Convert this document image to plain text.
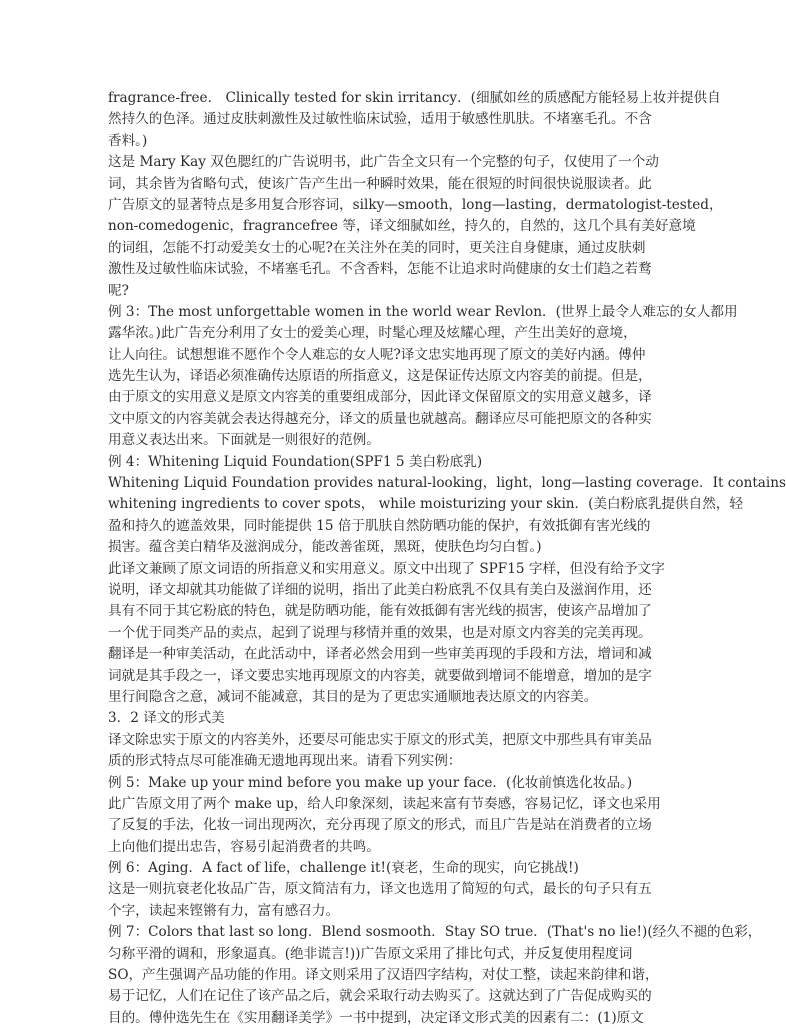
fragrance-free． Clinically tested for skin irritancy．(细腻如丝的质感配方能轻易上妆并提供自
然持久的色泽。通过皮肤刺激性及过敏性临床试验，适用于敏感性肌肤。不堵塞毛孔。不含
香料。)
这是 Mary Kay 双色腮红的广告说明书，此广告全文只有一个完整的句子，仅使用了一个动
词，其余皆为省略句式，使该广告产生出一种瞬时效果，能在很短的时间很快说服读者。此
广告原文的显著特点是多用复合形容词，silky—smooth，long—lasting，dermatologist-tested，
non-comedogenic，fragrancefree 等，译文细腻如丝，持久的，自然的，这几个具有美好意境
的词组，怎能不打动爱美女士的心呢?在关注外在美的同时，更关注自身健康，通过皮肤刺
激性及过敏性临床试验，不堵塞毛孔。不含香料，怎能不让追求时尚健康的女士们趋之若鹜
呢?
例 3：The most unforgettable women in the world wear Revlon．(世界上最令人难忘的女人都用
露华浓。)此广告充分利用了女士的爱美心理，时髦心理及炫耀心理，产生出美好的意境，
让人向往。试想想谁不愿作个令人难忘的女人呢?译文忠实地再现了原文的美好内涵。傅仲
选先生认为，译语必须准确传达原语的所指意义，这是保证传达原文内容美的前提。但是，
由于原文的实用意义是原文内容美的重要组成部分，因此译文保留原文的实用意义越多，译
文中原文的内容美就会表达得越充分，译文的质量也就越高。翻译应尽可能把原文的各种实
用意义表达出来。下面就是一则很好的范例。
例 4：Whitening Liquid Foundation(SPF1 5 美白粉底乳)
Whitening Liquid Foundation provides natural-looking，light，long—lasting coverage．It contains
whitening ingredients to cover spots， while moisturizing your skin．(美白粉底乳提供自然，轻
盈和持久的遮盖效果，同时能提供 15 倍于肌肤自然防晒功能的保护，有效抵御有害光线的
损害。蕴含美白精华及滋润成分，能改善雀斑，黑斑，使肤色均匀白皙。)
此译文兼顾了原文词语的所指意义和实用意义。原文中出现了 SPF15 字样，但没有给予文字
说明，译文却就其功能做了详细的说明，指出了此美白粉底乳不仅具有美白及滋润作用，还
具有不同于其它粉底的特色，就是防晒功能，能有效抵御有害光线的损害，使该产品增加了
一个优于同类产品的卖点，起到了说理与移情并重的效果，也是对原文内容美的完美再现。
翻译是一种审美活动，在此活动中，译者必然会用到一些审美再现的手段和方法，增词和减
词就是其手段之一，译文要忠实地再现原文的内容美，就要做到增词不能增意，增加的是字
里行间隐含之意，减词不能减意，其目的是为了更忠实通顺地表达原文的内容美。
3．2 译文的形式美
译文除忠实于原文的内容美外，还要尽可能忠实于原文的形式美，把原文中那些具有审美品
质的形式特点尽可能准确无遗地再现出来。请看下列实例：
例 5：Make up your mind before you make up your face．(化妆前慎选化妆品。)
此广告原文用了两个 make up，给人印象深刻，读起来富有节奏感，容易记忆，译文也采用
了反复的手法，化妆一词出现两次，充分再现了原文的形式，而且广告是站在消费者的立场
上向他们提出忠告，容易引起消费者的共鸣。
例 6：Aging．A fact of life，challenge it!(衰老，生命的现实，向它挑战!)
这是一则抗衰老化妆品广告，原文简洁有力，译文也选用了简短的句式，最长的句子只有五
个字，读起来铿锵有力，富有感召力。
例 7：Colors that last so long．Blend sosmooth．Stay SO true．(That's no lie!)(经久不褪的色彩，
匀称平滑的调和，形象逼真。(绝非谎言!))广告原文采用了排比句式，并反复使用程度词
SO，产生强调产品功能的作用。译文则采用了汉语四字结构，对仗工整，读起来韵律和谐，
易于记忆，人们在记住了该产品之后，就会采取行动去购买了。这就达到了广告促成购买的
目的。傅仲选先生在《实用翻译美学》一书中提到，决定译文形式美的因素有二：(1)原文
